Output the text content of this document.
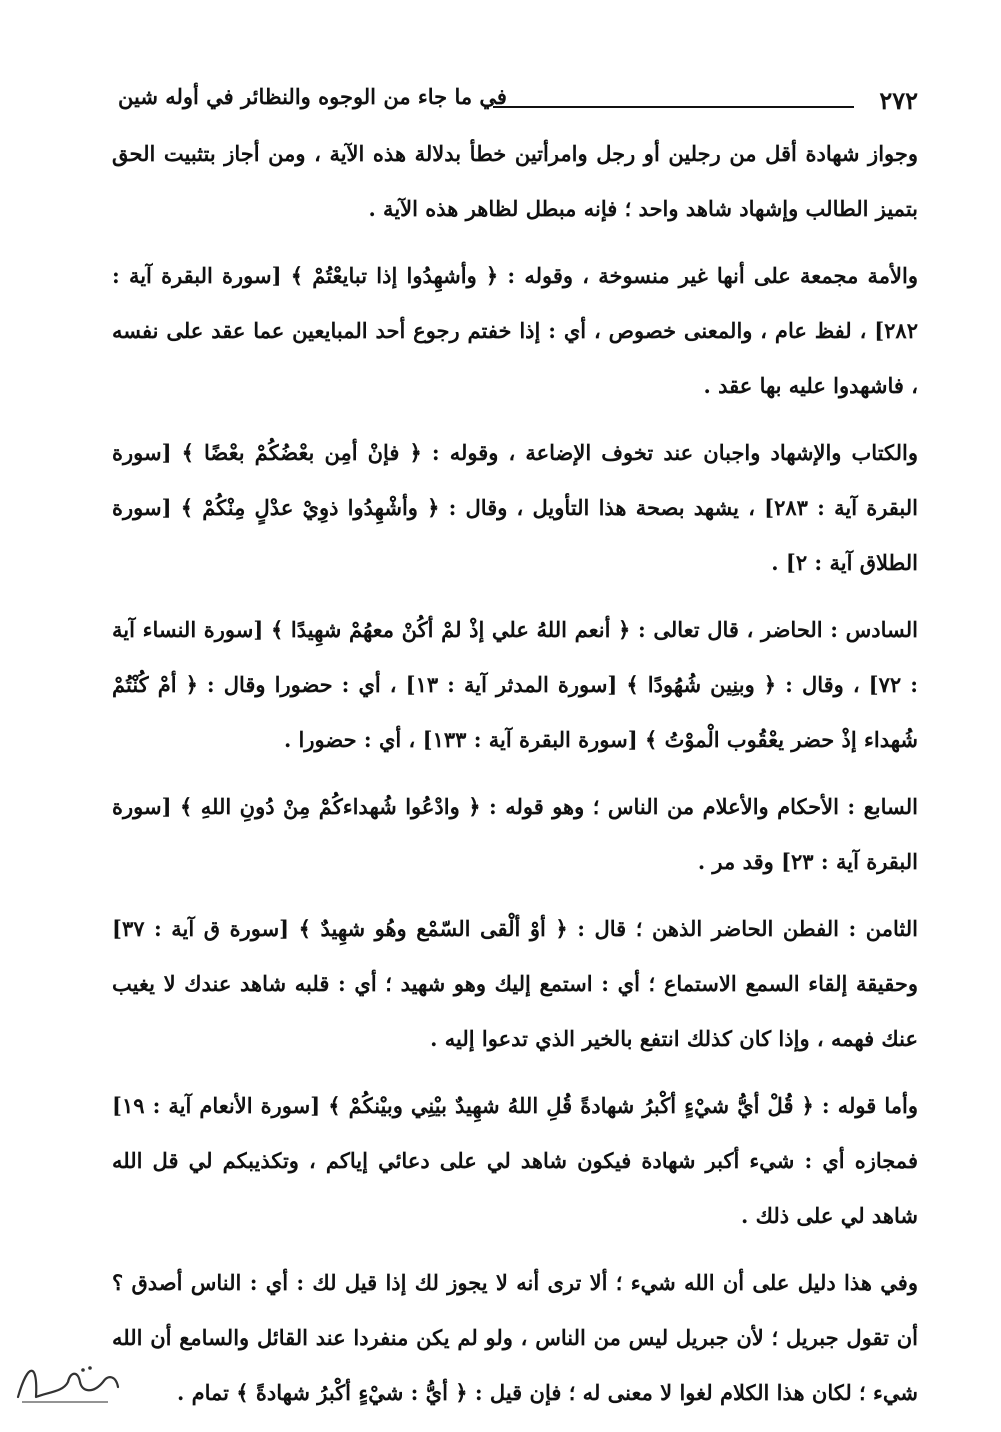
٢٧٢
في ما جاء من الوجوه والنظائر في أوله شين

وجواز شهادة أقل من رجلين أو رجل وامرأتين خطأ بدلالة هذه الآية ، ومن أجاز بتثبيت الحق بتميز الطالب وإشهاد شاهد واحد ؛ فإنه مبطل لظاهر هذه الآية .

والأمة مجمعة على أنها غير منسوخة ، وقوله : ﴿ وأشهِدُوا إذا تبايعْتُمْ ﴾ [سورة البقرة آية : ٢٨٢] ، لفظ عام ، والمعنى خصوص ، أي : إذا خفتم رجوع أحد المبايعين عما عقد على نفسه ، فاشهدوا عليه بها عقد .

والكتاب والإشهاد واجبان عند تخوف الإضاعة ، وقوله : ﴿ فإنْ أمِن بعْضُكُمْ بعْضًا ﴾ [سورة البقرة آية : ٢٨٣] ، يشهد بصحة هذا التأويل ، وقال : ﴿ وأشْهِدُوا ذوِيْ عدْلٍ مِنْكُمْ ﴾ [سورة الطلاق آية : ٢] .

السادس : الحاضر ، قال تعالى : ﴿ أنعم اللهُ علي إذْ لمْ أكُنْ معهُمْ شهِيدًا ﴾ [سورة النساء آية : ٧٢] ، وقال : ﴿ وبنِين شُهُودًا ﴾ [سورة المدثر آية : ١٣] ، أي : حضورا وقال : ﴿ أمْ كُنْتُمْ شُهداء إذْ حضر يعْقُوب الْموْتُ ﴾ [سورة البقرة آية : ١٣٣] ، أي : حضورا .

السابع : الأحكام والأعلام من الناس ؛ وهو قوله : ﴿ وادْعُوا شُهداءكُمْ مِنْ دُونِ اللهِ ﴾ [سورة البقرة آية : ٢٣] وقد مر .

الثامن : الفطن الحاضر الذهن ؛ قال : ﴿ أوْ ألْقى السّمْع وهُو شهِيدٌ ﴾ [سورة ق آية : ٣٧] وحقيقة إلقاء السمع الاستماع ؛ أي : استمع إليك وهو شهيد ؛ أي : قلبه شاهد عندك لا يغيب عنك فهمه ، وإذا كان كذلك انتفع بالخير الذي تدعوا إليه .

وأما قوله : ﴿ قُلْ أيُّ شيْءٍ أكْبرُ شهادةً قُلِ اللهُ شهِيدٌ بيْنِي وبيْنكُمْ ﴾ [سورة الأنعام آية : ١٩] فمجازه أي : شيء أكبر شهادة فيكون شاهد لي على دعائي إياكم ، وتكذيبكم لي قل الله شاهد لي على ذلك .

وفي هذا دليل على أن الله شيء ؛ ألا ترى أنه لا يجوز لك إذا قيل لك : أي : الناس أصدق ؟ أن تقول جبريل ؛ لأن جبريل ليس من الناس ، ولو لم يكن منفردا عند القائل والسامع أن الله شيء ؛ لكان هذا الكلام لغوا لا معنى له ؛ فإن قيل : ﴿ أيُّ : شيْءٍ أكْبرُ شهادةً ﴾ تمام .
